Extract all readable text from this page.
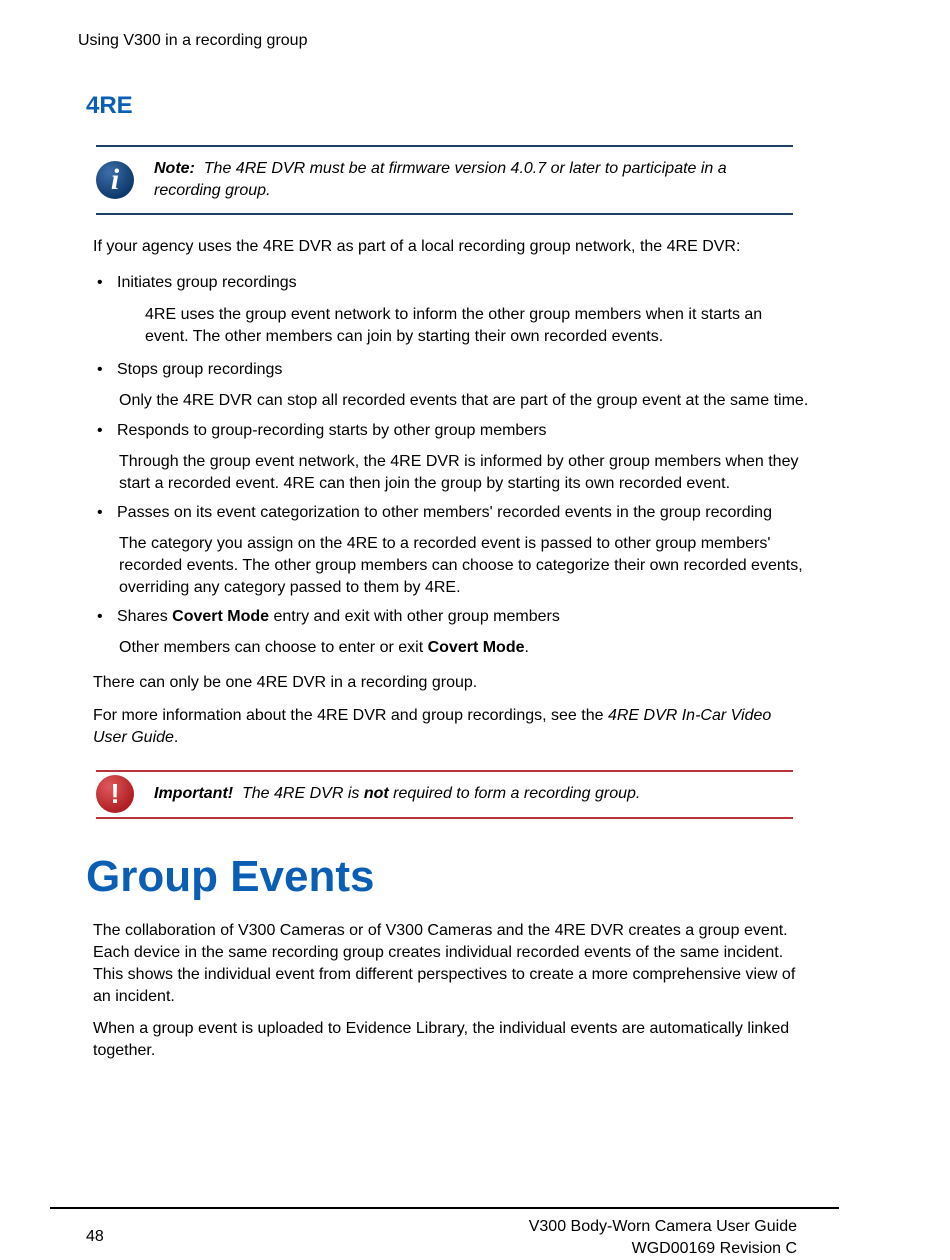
Using V300 in a recording group
4RE
i	Note: The 4RE DVR must be at firmware version 4.0.7 or later to participate in a recording group.
If your agency uses the 4RE DVR as part of a local recording group network, the 4RE DVR:
• Initiates group recordings
4RE uses the group event network to inform the other group members when it starts an event. The other members can join by starting their own recorded events.
• Stops group recordings
Only the 4RE DVR can stop all recorded events that are part of the group event at the same time.
• Responds to group-recording starts by other group members
Through the group event network, the 4RE DVR is informed by other group members when they start a recorded event. 4RE can then join the group by starting its own recorded event.
• Passes on its event categorization to other members' recorded events in the group recording
The category you assign on the 4RE to a recorded event is passed to other group members' recorded events. The other group members can choose to categorize their own recorded events, overriding any category passed to them by 4RE.
• Shares Covert Mode entry and exit with other group members
Other members can choose to enter or exit Covert Mode.
There can only be one 4RE DVR in a recording group.
For more information about the 4RE DVR and group recordings, see the 4RE DVR In-Car Video User Guide.
!	Important! The 4RE DVR is not required to form a recording group.
Group Events
The collaboration of V300 Cameras or of V300 Cameras and the 4RE DVR creates a group event. Each device in the same recording group creates individual recorded events of the same incident. This shows the individual event from different perspectives to create a more comprehensive view of an incident.
When a group event is uploaded to Evidence Library, the individual events are automatically linked together.
48
V300 Body-Worn Camera User Guide
WGD00169 Revision C
